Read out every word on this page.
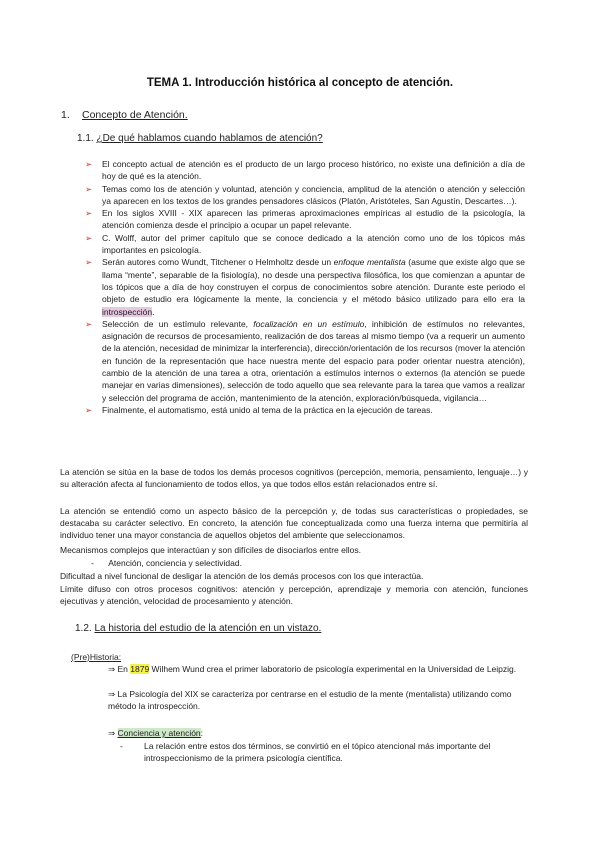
TEMA 1. Introducción histórica al concepto de atención.
1. Concepto de Atención.
1.1. ¿De qué hablamos cuando hablamos de atención?
➢ El concepto actual de atención es el producto de un largo proceso histórico, no existe una definición a día de hoy de qué es la atención.
➢ Temas como los de atención y voluntad, atención y conciencia, amplitud de la atención o atención y selección ya aparecen en los textos de los grandes pensadores clásicos (Platón, Aristóteles, San Agustín, Descartes…).
➢ En los siglos XVIII - XIX aparecen las primeras aproximaciones empíricas al estudio de la psicología, la atención comienza desde el principio a ocupar un papel relevante.
➢ C. Wolff, autor del primer capítulo que se conoce dedicado a la atención como uno de los tópicos más importantes en psicología.
➢ Serán autores como Wundt, Titchener o Helmholtz desde un enfoque mentalista (asume que existe algo que se llama “mente”, separable de la fisiología), no desde una perspectiva filosófica, los que comienzan a apuntar de los tópicos que a día de hoy construyen el corpus de conocimientos sobre atención. Durante este periodo el objeto de estudio era lógicamente la mente, la conciencia y el método básico utilizado para ello era la introspección.
➢ Selección de un estímulo relevante, focalización en un estímulo, inhibición de estímulos no relevantes, asignación de recursos de procesamiento, realización de dos tareas al mismo tiempo (va a requerir un aumento de la atención, necesidad de minimizar la interferencia), dirección/orientación de los recursos (mover la atención en función de la representación que hace nuestra mente del espacio para poder orientar nuestra atención), cambio de la atención de una tarea a otra, orientación a estímulos internos o externos (la atención se puede manejar en varias dimensiones), selección de todo aquello que sea relevante para la tarea que vamos a realizar y selección del programa de acción, mantenimiento de la atención, exploración/búsqueda, vigilancia…
➢ Finalmente, el automatismo, está unido al tema de la práctica en la ejecución de tareas.
La atención se sitúa en la base de todos los demás procesos cognitivos (percepción, memoria, pensamiento, lenguaje…) y su alteración afecta al funcionamiento de todos ellos, ya que todos ellos están relacionados entre sí.
La atención se entendió como un aspecto básico de la percepción y, de todas sus características o propiedades, se destacaba su carácter selectivo. En concreto, la atención fue conceptualizada como una fuerza interna que permitiría al individuo tener una mayor constancia de aquellos objetos del ambiente que seleccionamos.
Mecanismos complejos que interactúan y son difíciles de disociarlos entre ellos.
- Atención, conciencia y selectividad.
Dificultad a nivel funcional de desligar la atención de los demás procesos con los que interactúa.
Límite difuso con otros procesos cognitivos: atención y percepción, aprendizaje y memoria con atención, funciones ejecutivas y atención, velocidad de procesamiento y atención.
1.2. La historia del estudio de la atención en un vistazo.
(Pre)Historia:
⇒ En 1879 Wilhem Wund crea el primer laboratorio de psicología experimental en la Universidad de Leipzig.
⇒ La Psicología del XIX se caracteriza por centrarse en el estudio de la mente (mentalista) utilizando como método la introspección.
⇒ Conciencia y atención:
- La relación entre estos dos términos, se convirtió en el tópico atencional más importante del introspeccionismo de la primera psicología científica.
